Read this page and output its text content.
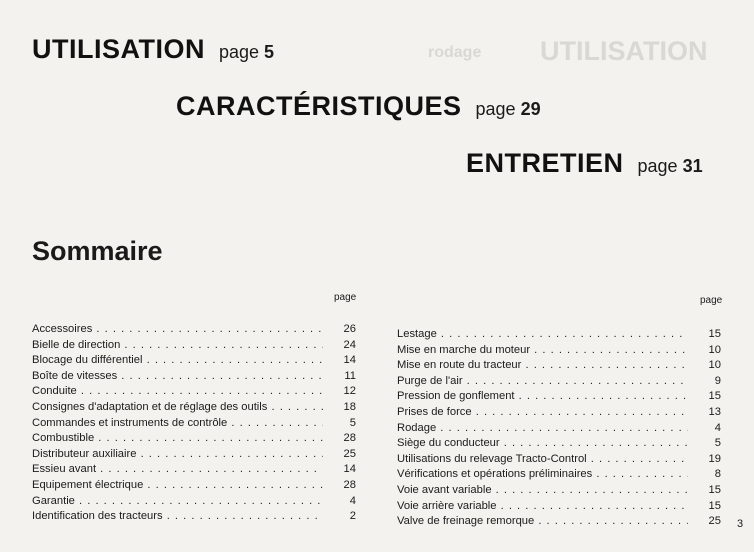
UTILISATION
rodage
UTILISATION page 5
CARACTÉRISTIQUES page 29
ENTRETIEN page 31
Sommaire
page	page
Accessoires . . .	26
Bielle de direction . . .	24
Blocage du différentiel . . .	14
Boîte de vitesses . . .	11
Conduite . . .	12
Consignes d'adaptation et de réglage des outils . . .	18
Commandes et instruments de contrôle . . .	5
Combustible . . .	28
Distributeur auxiliaire . . .	25
Essieu avant . . .	14
Equipement électrique . . .	28
Garantie . . .	4
Identification des tracteurs . . .	2
Lestage . . .	15
Mise en marche du moteur . . .	10
Mise en route du tracteur . . .	10
Purge de l'air . . .	9
Pression de gonflement . . .	15
Prises de force . . .	13
Rodage . . .	4
Siège du conducteur . . .	5
Utilisations du relevage Tracto-Control . . .	19
Vérifications et opérations préliminaires . . .	8
Voie avant variable . . .	15
Voie arrière variable . . .	15
Valve de freinage remorque . . .	25 3
